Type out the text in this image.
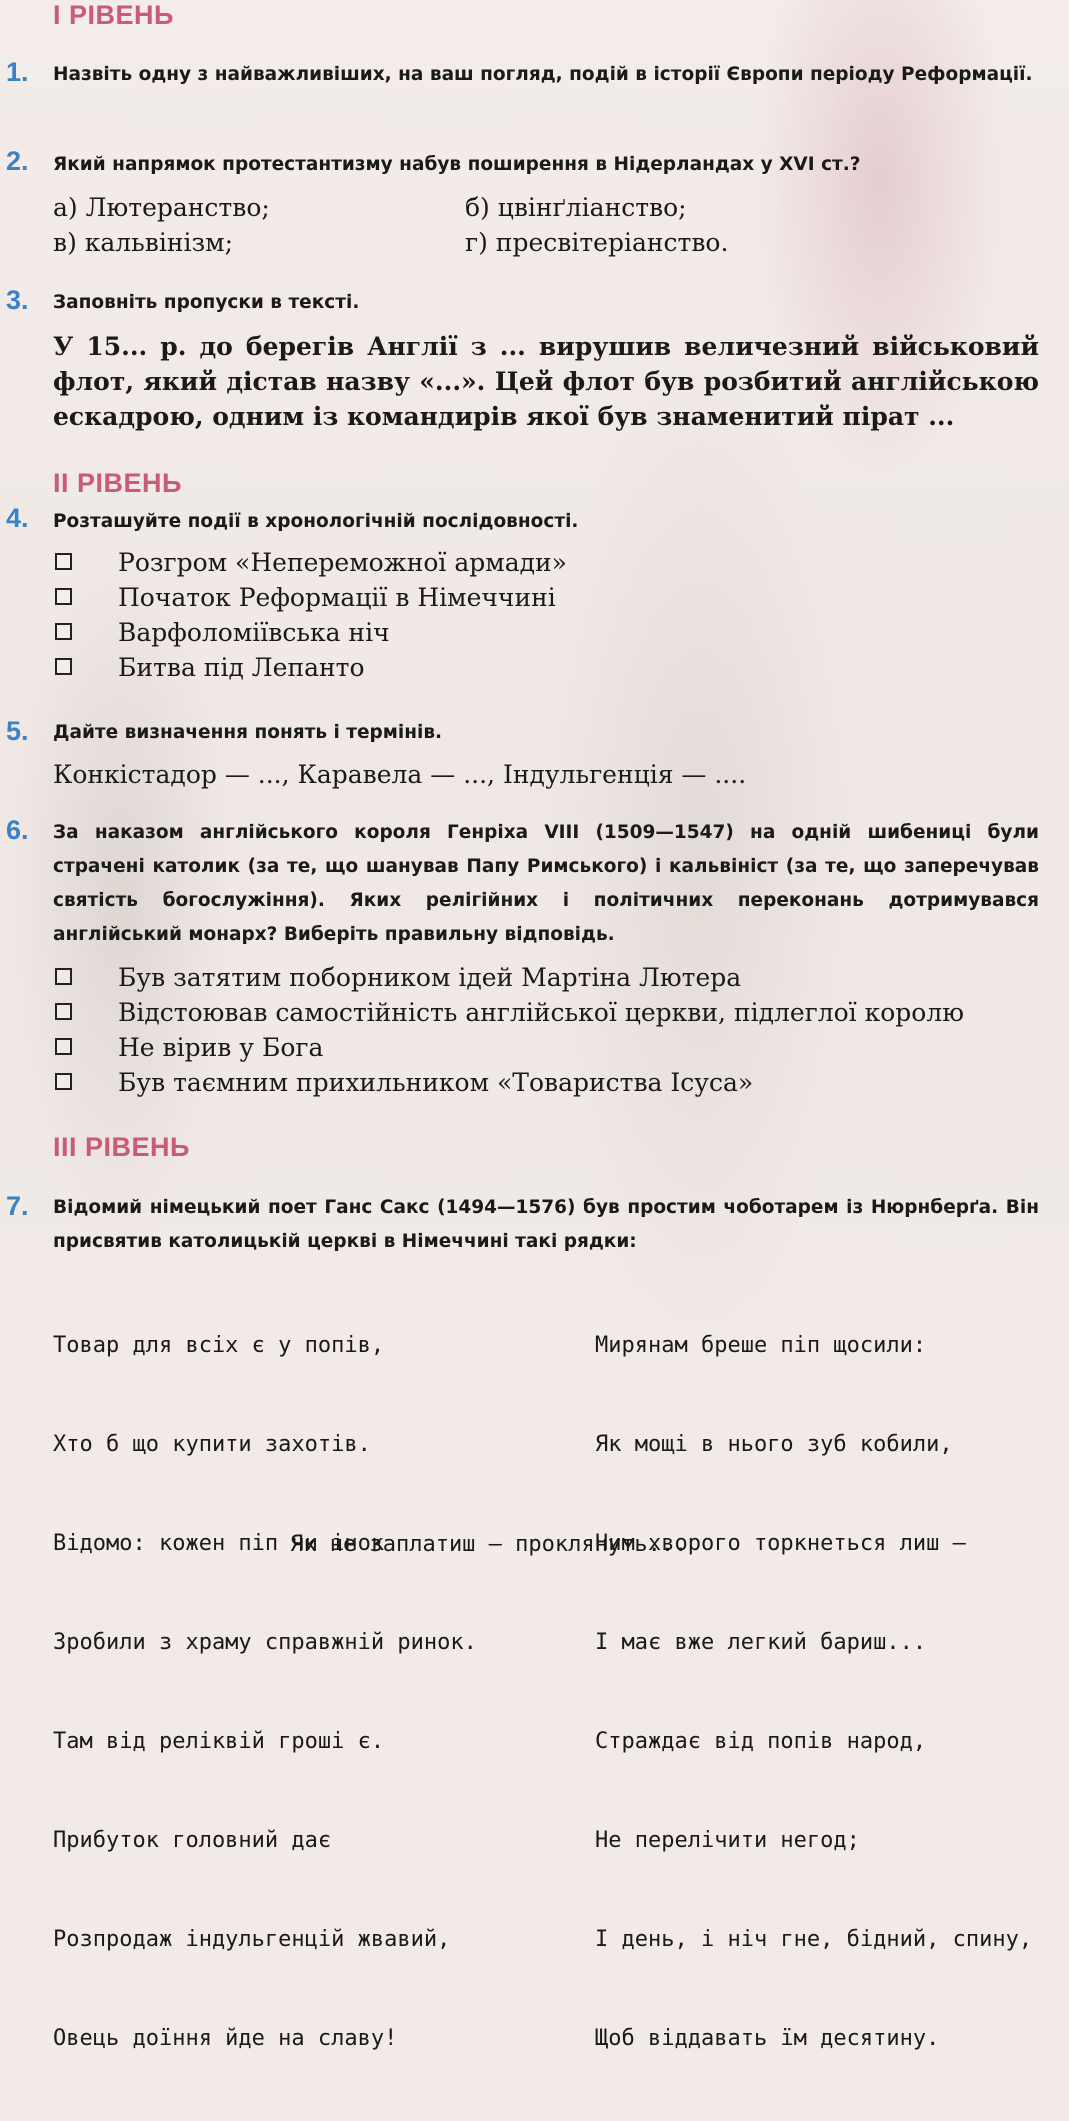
І РІВЕНЬ
1. Назвіть одну з найважливіших, на ваш погляд, подій в історії Європи періоду Реформації.
2. Який напрямок протестантизму набув поширення в Нідерландах у XVI ст.?
а) Лютеранство;	б) цвінґліанство;
в) кальвінізм;	г) пресвітеріанство.
3. Заповніть пропуски в тексті.
У 15... р. до берегів Англії з ... вирушив величезний військовий флот, який дістав назву «...». Цей флот був розбитий англійською ескадрою, одним із командирів якої був знаменитий пірат ...
ІІ РІВЕНЬ
4. Розташуйте події в хронологічній послідовності.
Розгром «Непереможної армади»
Початок Реформації в Німеччині
Варфоломіївська ніч
Битва під Лепанто
5. Дайте визначення понять і термінів.
Конкістадор — ..., Каравела — ..., Індульгенція — ....
6. За наказом англійського короля Генріха VIII (1509—1547) на одній шибениці були страчені католик (за те, що шанував Папу Римського) і кальвініст (за те, що заперечував святість богослужіння). Яких релігійних і політичних переконань дотримувався англійський монарх? Виберіть правильну відповідь.
Був затятим поборником ідей Мартіна Лютера
Відстоював самостійність англійської церкви, підлеглої королю
Не вірив у Бога
Був таємним прихильником «Товариства Ісуса»
ІІІ РІВЕНЬ
7. Відомий німецький поет Ганс Сакс (1494—1576) був простим чоботарем із Нюрнберґа. Він присвятив католицькій церкві в Німеччині такі рядки:

Товар для всіх є у попів,

Хто б що купити захотів.

Відомо: кожен піп чи інок

Зробили з храму справжній ринок.

Там від реліквій гроші є.

Прибуток головний дає

Розпродаж індульгенцій жвавий,

Овець доїння йде на славу!

Мирянам бреше піп щосили:

Як мощі в нього зуб кобили,

Ним хворого торкнеться лиш —

І має вже легкий бариш...

Страждає від попів народ,

Не перелічити негод;

І день, і ніч гне, бідний, спину,

Щоб віддавать їм десятину.

Як не заплатиш — проклянуть...
